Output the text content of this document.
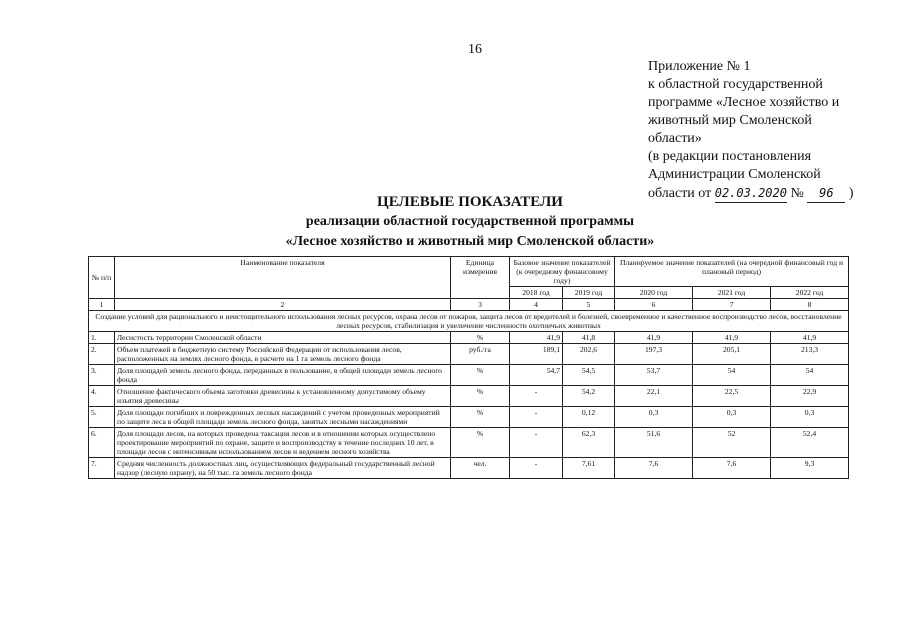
16
Приложение № 1
к областной государственной
программе «Лесное хозяйство и
животный мир Смоленской
области»
(в редакции постановления
Администрации Смоленской
области от 02.03.2020 № 96 )
ЦЕЛЕВЫЕ ПОКАЗАТЕЛИ
реализации областной государственной программы
«Лесное хозяйство и животный мир Смоленской области»
№ п/п	Наименование показателя	Единица измерения	Базовое значение показателей (к очередному финансовому году)		Планируемое значение показателей (на очередной финансовый год и плановый период)		
			2018 год	2019 год	2020 год	2021 год	2022 год
1	2	3	4	5	6	7	8
Создание условий для рационального и неистощительного использования лесных ресурсов, охрана лесов от пожаров, защита лесов от вредителей и болезней, своевременное и качественное воспроизводство лесов, восстановление лесных ресурсов, стабилизация и увеличение численности охотничьих животных							
1.	Лесистость территории Смоленской области	%	41,9	41,8	41,9	41,9	41,9
2.	Объем платежей в бюджетную систему Российской Федерации от использования лесов, расположенных на землях лесного фонда, в расчете на 1 га земель лесного фонда	руб./га	189,1	202,6	197,3	205,1	213,3
3.	Доля площадей земель лесного фонда, переданных в пользование, в общей площади земель лесного фонда	%	54,7	54,5	53,7	54	54
4.	Отношение фактического объема заготовки древесины к установленному допустимому объему изъятия древесины	%	-	54,2	22,1	22,5	22,9
5.	Доля площади погибших и поврежденных лесных насаждений с учетом проведенных мероприятий по защите леса в общей площади земель лесного фонда, занятых лесными насаждениями	%	-	0,12	0,3	0,3	0,3
6.	Доля площади лесов, на которых проведена таксация лесов и в отношении которых осуществлено проектирование мероприятий по охране, защите и воспроизводству в течение последних 10 лет, в площади лесов с интенсивным использованием лесов и ведением лесного хозяйства	%	-	62,3	51,6	52	52,4
7.	Средняя численность должностных лиц, осуществляющих федеральный государственный лесной надзор (лесную охрану), на 50 тыс. га земель лесного фонда	чел.	-	7,61	7,6	7,6	9,3
